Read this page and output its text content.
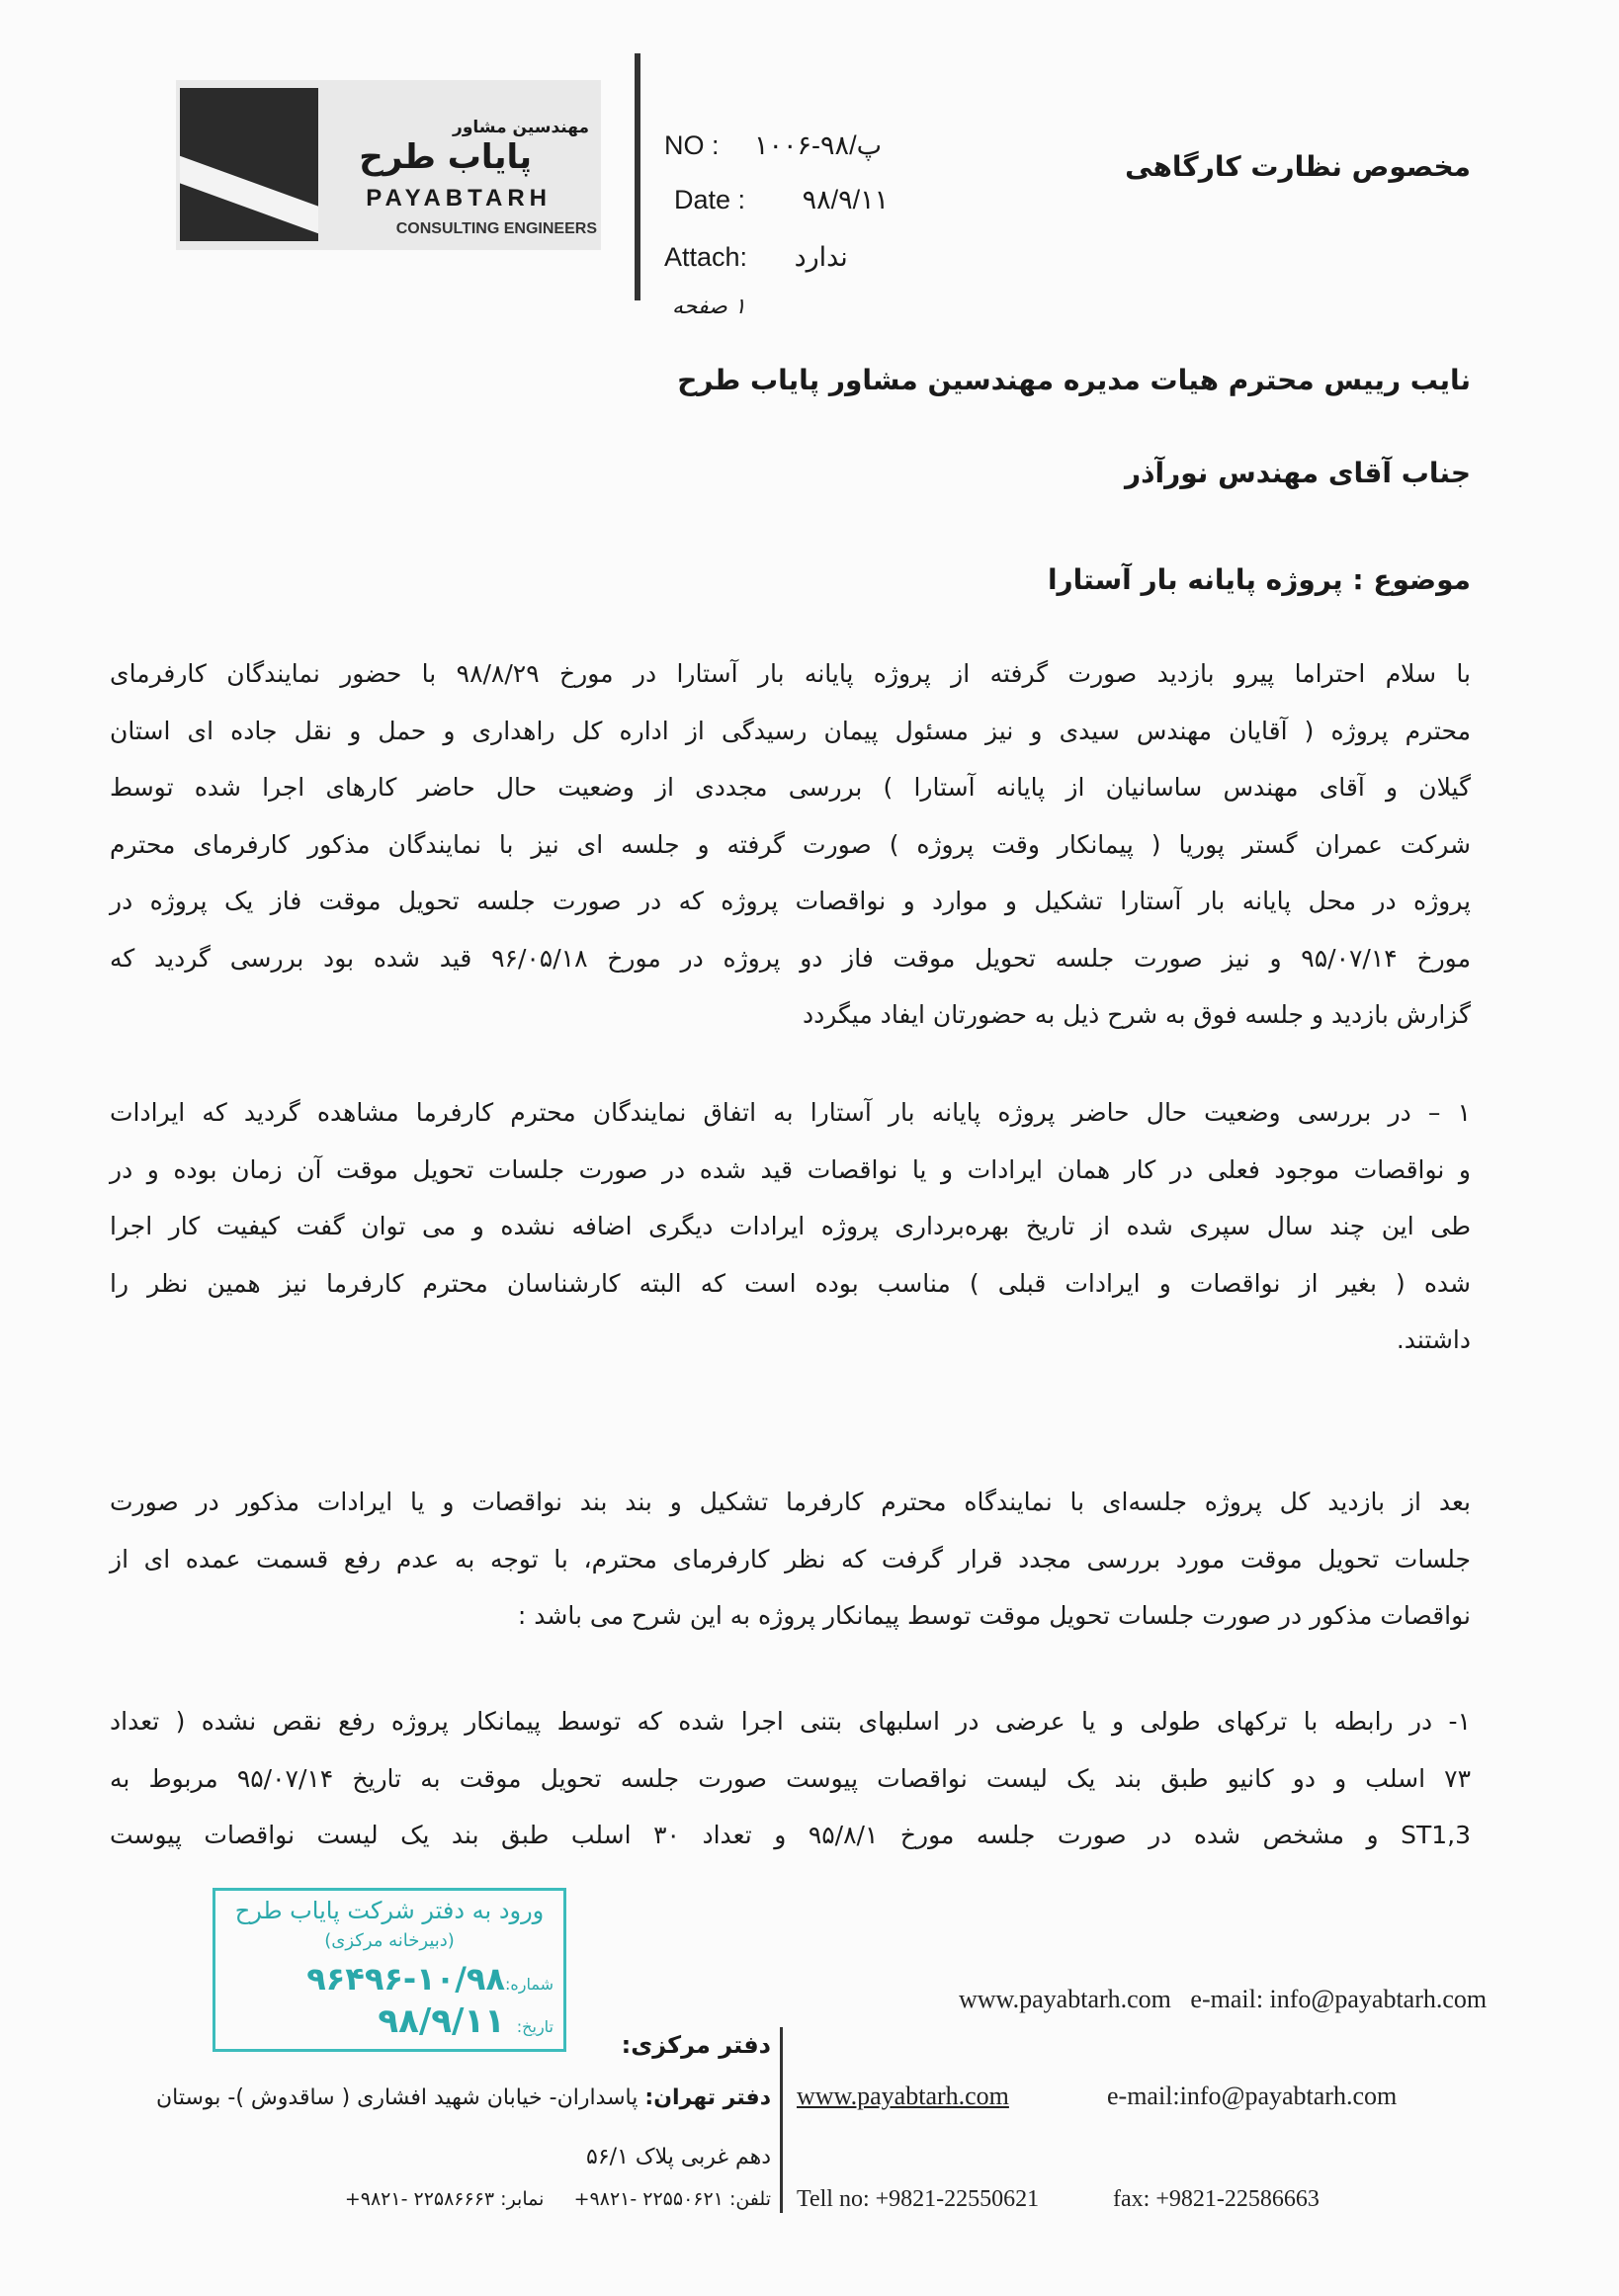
مهندسین مشاور
پایاب طرح
PAYABTARH
CONSULTING ENGINEERS
NO : پ/۹۸-۱۰۰۶
Date : ۹۸/۹/۱۱
Attach: ندارد
۱ صفحه
مخصوص نظارت کارگاهی
نایب رییس محترم هیات مدیره مهندسین مشاور پایاب طرح
جناب آقای مهندس نورآذر
موضوع : پروژه پایانه بار آستارا
با سلام احتراما پیرو بازدید صورت گرفته از پروژه پایانه بار آستارا در مورخ ۹۸/۸/۲۹ با حضور نمایندگان کارفرمای
محترم پروژه ( آقایان مهندس سیدی و نیز مسئول پیمان رسیدگی از اداره کل راهداری و حمل و نقل جاده ای استان
گیلان و آقای مهندس ساسانیان از پایانه آستارا ) بررسی مجددی از وضعیت حال حاضر کارهای اجرا شده توسط
شرکت عمران گستر پوریا ( پیمانکار وقت پروژه ) صورت گرفته و جلسه ای نیز با نمایندگان مذکور کارفرمای محترم
پروژه در محل پایانه بار آستارا تشکیل و موارد و نواقصات پروژه که در صورت جلسه تحویل موقت فاز یک پروژه در
مورخ ۹۵/۰۷/۱۴ و نیز صورت جلسه تحویل موقت فاز دو پروژه در مورخ ۹۶/۰۵/۱۸ قید شده بود بررسی گردید که
گزارش بازدید و جلسه فوق به شرح ذیل به حضورتان ایفاد میگردد
۱ – در بررسی وضعیت حال حاضر پروژه پایانه بار آستارا به اتفاق نمایندگان محترم کارفرما مشاهده گردید که ایرادات
و نواقصات موجود فعلی در کار همان ایرادات و یا نواقصات قید شده در صورت جلسات تحویل موقت آن زمان بوده و در
طی این چند سال سپری شده از تاریخ بهره‌برداری پروژه ایرادات دیگری اضافه نشده و می توان گفت کیفیت کار اجرا
شده ( بغیر از نواقصات و ایرادات قبلی ) مناسب بوده است که البته کارشناسان محترم کارفرما نیز همین نظر را
داشتند.
بعد از بازدید کل پروژه جلسه‌ای با نمایندگاه محترم کارفرما تشکیل و بند بند نواقصات و یا ایرادات مذکور در صورت
جلسات تحویل موقت مورد بررسی مجدد قرار گرفت که نظر کارفرمای محترم، با توجه به عدم رفع قسمت عمده ای از
نواقصات مذکور در صورت جلسات تحویل موقت توسط پیمانکار پروژه به این شرح می باشد :
۱- در رابطه با ترکهای طولی و یا عرضی در اسلبهای بتنی اجرا شده که توسط پیمانکار پروژه رفع نقص نشده ( تعداد
۷۳ اسلب و دو کانیو طبق بند یک لیست نواقصات پیوست صورت جلسه تحویل موقت به تاریخ ۹۵/۰۷/۱۴ مربوط به
ST1,3 و مشخص شده در صورت جلسه مورخ ۹۵/۸/۱ و تعداد ۳۰ اسلب طبق بند یک لیست نواقصات پیوست
ورود به دفتر شرکت پایاب طرح
(دبیرخانه مرکزی)
شماره:۱۰/۹۸-۹۶۴۹۶
تاریخ: ۹۸/۹/۱۱
www.payabtarh.com e-mail: info@payabtarh.com
دفتر مرکزی:
دفتر تهران: پاسداران- خیابان شهید افشاری ( ساقدوش )- بوستان
دهم غربی پلاک ۵۶/۱
تلفن: ۲۲۵۵۰۶۲۱ -۹۸۲۱+     نمابر: ۲۲۵۸۶۶۶۳ -۹۸۲۱+
www.payabtarh.com	e-mail:info@payabtarh.com
Tell no: +9821-22550621	fax: +9821-22586663
